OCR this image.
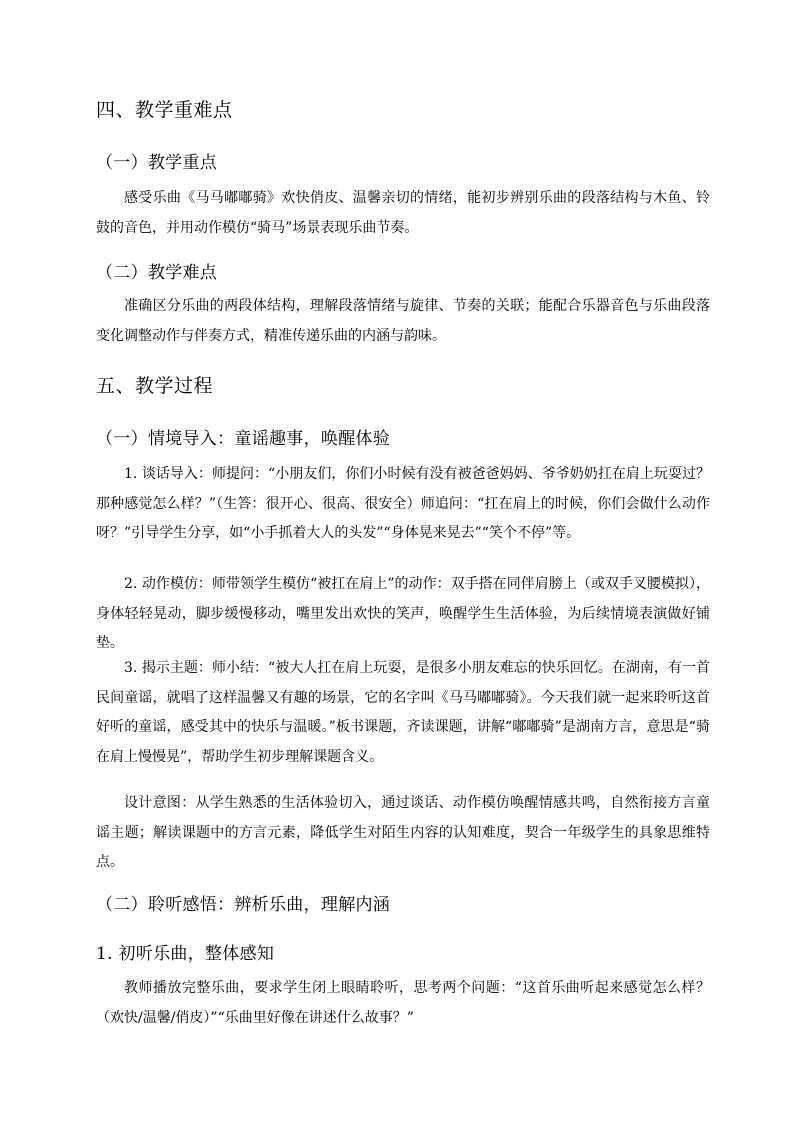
四、教学重难点
（一）教学重点

感受乐曲《马马嘟嘟骑》欢快俏皮、温馨亲切的情绪，能初步辨别乐曲的段落结构与木鱼、铃鼓的音色，并用动作模仿“骑马”场景表现乐曲节奏。

（二）教学难点

准确区分乐曲的两段体结构，理解段落情绪与旋律、节奏的关联；能配合乐器音色与乐曲段落变化调整动作与伴奏方式，精准传递乐曲的内涵与韵味。

五、教学过程
（一）情境导入：童谣趣事，唤醒体验

1. 谈话导入：师提问：“小朋友们，你们小时候有没有被爸爸妈妈、爷爷奶奶扛在肩上玩耍过？那种感觉怎么样？”（生答：很开心、很高、很安全）师追问：“扛在肩上的时候，你们会做什么动作呀？”引导学生分享，如“小手抓着大人的头发”“身体晃来晃去”“笑个不停”等。

2. 动作模仿：师带领学生模仿“被扛在肩上”的动作：双手搭在同伴肩膀上（或双手叉腰模拟），身体轻轻晃动，脚步缓慢移动，嘴里发出欢快的笑声，唤醒学生生活体验，为后续情境表演做好铺垫。

3. 揭示主题：师小结：“被大人扛在肩上玩耍，是很多小朋友难忘的快乐回忆。在湖南，有一首民间童谣，就唱了这样温馨又有趣的场景，它的名字叫《马马嘟嘟骑》。今天我们就一起来聆听这首好听的童谣，感受其中的快乐与温暖。”板书课题，齐读课题，讲解“嘟嘟骑”是湖南方言，意思是“骑在肩上慢慢晃”，帮助学生初步理解课题含义。

设计意图：从学生熟悉的生活体验切入，通过谈话、动作模仿唤醒情感共鸣，自然衔接方言童谣主题；解读课题中的方言元素，降低学生对陌生内容的认知难度，契合一年级学生的具象思维特点。

（二）聆听感悟：辨析乐曲，理解内涵
1. 初听乐曲，整体感知

教师播放完整乐曲，要求学生闭上眼睛聆听，思考两个问题：“这首乐曲听起来感觉怎么样？（欢快/温馨/俏皮）”“乐曲里好像在讲述什么故事？”
